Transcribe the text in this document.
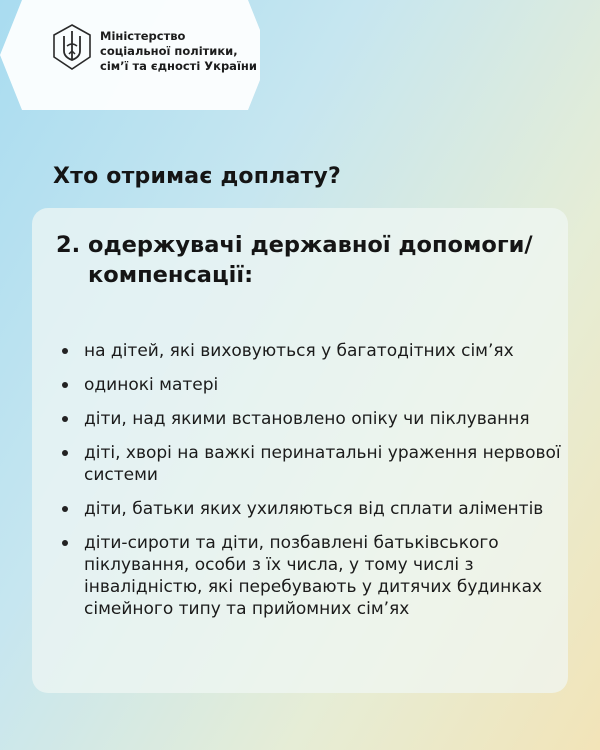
Міністерство
соціальної політики,
сім’ї та єдності України
Хто отримає доплату?
2. одержувачі державної допомоги/ компенсації:
на дітей, які виховуються у багатодітних сім’ях
одинокі матері
діти, над якими встановлено опіку чи піклування
діті, хворі на важкі перинатальні ураження нервової системи
діти, батьки яких ухиляються від сплати аліментів
діти-сироти та діти, позбавлені батьківського піклування, особи з їх числа, у тому числі з інвалідністю, які перебувають у дитячих будинках сімейного типу та прийомних сім’ях
